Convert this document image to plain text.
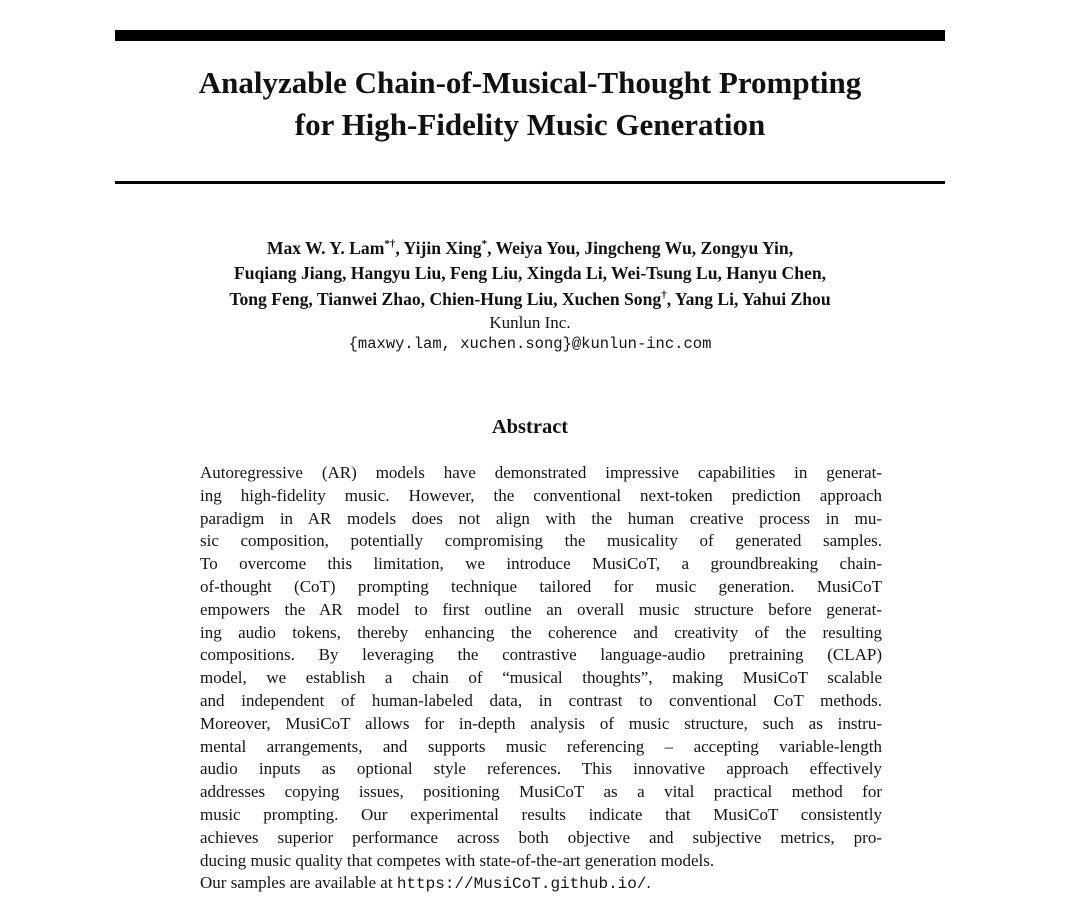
Analyzable Chain-of-Musical-Thought Prompting
for High-Fidelity Music Generation
Max W. Y. Lam*†, Yijin Xing*, Weiya You, Jingcheng Wu, Zongyu Yin,
Fuqiang Jiang, Hangyu Liu, Feng Liu, Xingda Li, Wei-Tsung Lu, Hanyu Chen,
Tong Feng, Tianwei Zhao, Chien-Hung Liu, Xuchen Song†, Yang Li, Yahui Zhou
Kunlun Inc.
{maxwy.lam, xuchen.song}@kunlun-inc.com
Abstract
Autoregressive (AR) models have demonstrated impressive capabilities in generat-
ing high-fidelity music. However, the conventional next-token prediction approach
paradigm in AR models does not align with the human creative process in mu-
sic composition, potentially compromising the musicality of generated samples.
To overcome this limitation, we introduce MusiCoT, a groundbreaking chain-
of-thought (CoT) prompting technique tailored for music generation. MusiCoT
empowers the AR model to first outline an overall music structure before generat-
ing audio tokens, thereby enhancing the coherence and creativity of the resulting
compositions. By leveraging the contrastive language-audio pretraining (CLAP)
model, we establish a chain of “musical thoughts”, making MusiCoT scalable
and independent of human-labeled data, in contrast to conventional CoT methods.
Moreover, MusiCoT allows for in-depth analysis of music structure, such as instru-
mental arrangements, and supports music referencing – accepting variable-length
audio inputs as optional style references. This innovative approach effectively
addresses copying issues, positioning MusiCoT as a vital practical method for
music prompting. Our experimental results indicate that MusiCoT consistently
achieves superior performance across both objective and subjective metrics, pro-
ducing music quality that competes with state-of-the-art generation models.
Our samples are available at https://MusiCoT.github.io/.
